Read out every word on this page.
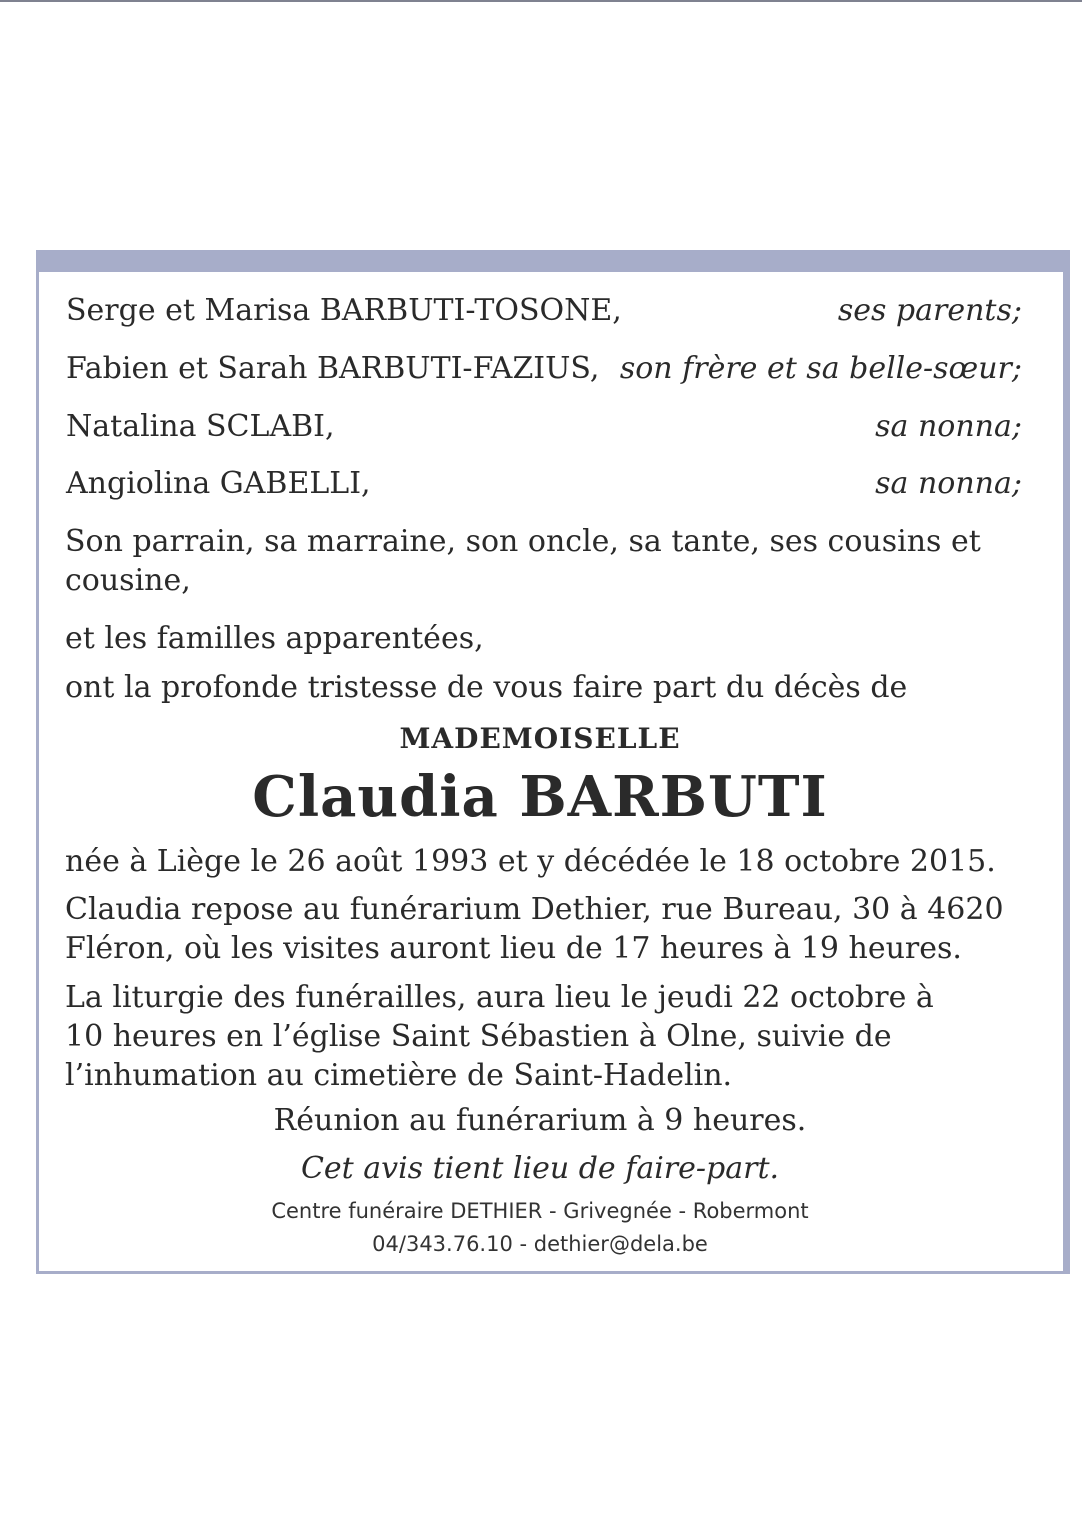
Serge et Marisa BARBUTI-TOSONE,	ses parents;
Fabien et Sarah BARBUTI-FAZIUS, son frère et sa belle-sœur;
Natalina SCLABI,	sa nonna;
Angiolina GABELLI,	sa nonna;
Son parrain, sa marraine, son oncle, sa tante, ses cousins et cousine,
et les familles apparentées,
ont la profonde tristesse de vous faire part du décès de
MADEMOISELLE
Claudia BARBUTI
née à Liège le 26 août 1993 et y décédée le 18 octobre 2015.
Claudia repose au funérarium Dethier, rue Bureau, 30 à 4620 Fléron, où les visites auront lieu de 17 heures à 19 heures.
La liturgie des funérailles, aura lieu le jeudi 22 octobre à 10 heures en l’église Saint Sébastien à Olne, suivie de l’inhumation au cimetière de Saint-Hadelin.
Réunion au funérarium à 9 heures.
Cet avis tient lieu de faire-part.
Centre funéraire DETHIER - Grivegnée - Robermont
04/343.76.10 - dethier@dela.be
